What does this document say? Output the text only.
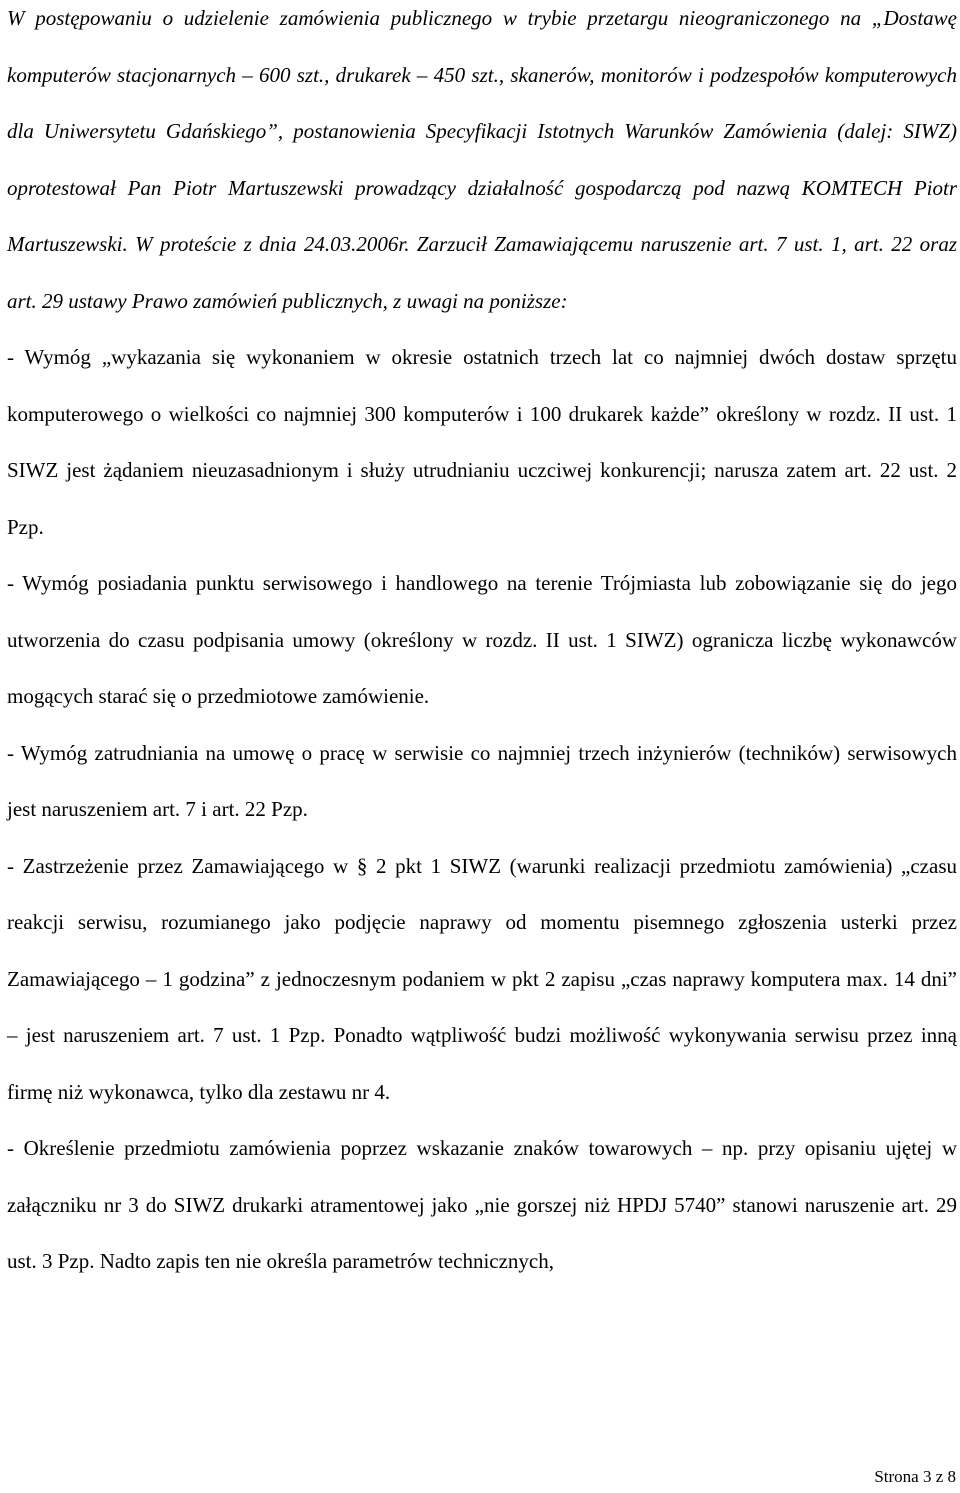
W postępowaniu o udzielenie zamówienia publicznego w trybie przetargu nieograniczonego na „Dostawę komputerów stacjonarnych – 600 szt., drukarek – 450 szt., skanerów, monitorów i podzespołów komputerowych dla Uniwersytetu Gdańskiego”, postanowienia Specyfikacji Istotnych Warunków Zamówienia (dalej: SIWZ) oprotestował Pan Piotr Martuszewski prowadzący działalność gospodarczą pod nazwą KOMTECH Piotr Martuszewski. W proteście z dnia 24.03.2006r. Zarzucił Zamawiającemu naruszenie art. 7 ust. 1, art. 22 oraz art. 29 ustawy Prawo zamówień publicznych, z uwagi na poniższe:

- Wymóg „wykazania się wykonaniem w okresie ostatnich trzech lat co najmniej dwóch dostaw sprzętu komputerowego o wielkości co najmniej 300 komputerów i 100 drukarek każde” określony w rozdz. II ust. 1 SIWZ jest żądaniem nieuzasadnionym i służy utrudnianiu uczciwej konkurencji; narusza zatem art. 22 ust. 2 Pzp.

- Wymóg posiadania punktu serwisowego i handlowego na terenie Trójmiasta lub zobowiązanie się do jego utworzenia do czasu podpisania umowy (określony w rozdz. II ust. 1 SIWZ) ogranicza liczbę wykonawców mogących starać się o przedmiotowe zamówienie.

- Wymóg zatrudniania na umowę o pracę w serwisie co najmniej trzech inżynierów (techników) serwisowych jest naruszeniem art. 7 i art. 22 Pzp.

- Zastrzeżenie przez Zamawiającego w § 2 pkt 1 SIWZ (warunki realizacji przedmiotu zamówienia) „czasu reakcji serwisu, rozumianego jako podjęcie naprawy od momentu pisemnego zgłoszenia usterki przez Zamawiającego – 1 godzina” z jednoczesnym podaniem w pkt 2 zapisu „czas naprawy komputera max. 14 dni” – jest naruszeniem art. 7 ust. 1 Pzp. Ponadto wątpliwość budzi możliwość wykonywania serwisu przez inną firmę niż wykonawca, tylko dla zestawu nr 4.

- Określenie przedmiotu zamówienia poprzez wskazanie znaków towarowych – np. przy opisaniu ujętej w załączniku nr 3 do SIWZ drukarki atramentowej jako „nie gorszej niż HPDJ 5740” stanowi naruszenie art. 29 ust. 3 Pzp. Nadto zapis ten nie określa parametrów technicznych,

Strona 3 z 8
